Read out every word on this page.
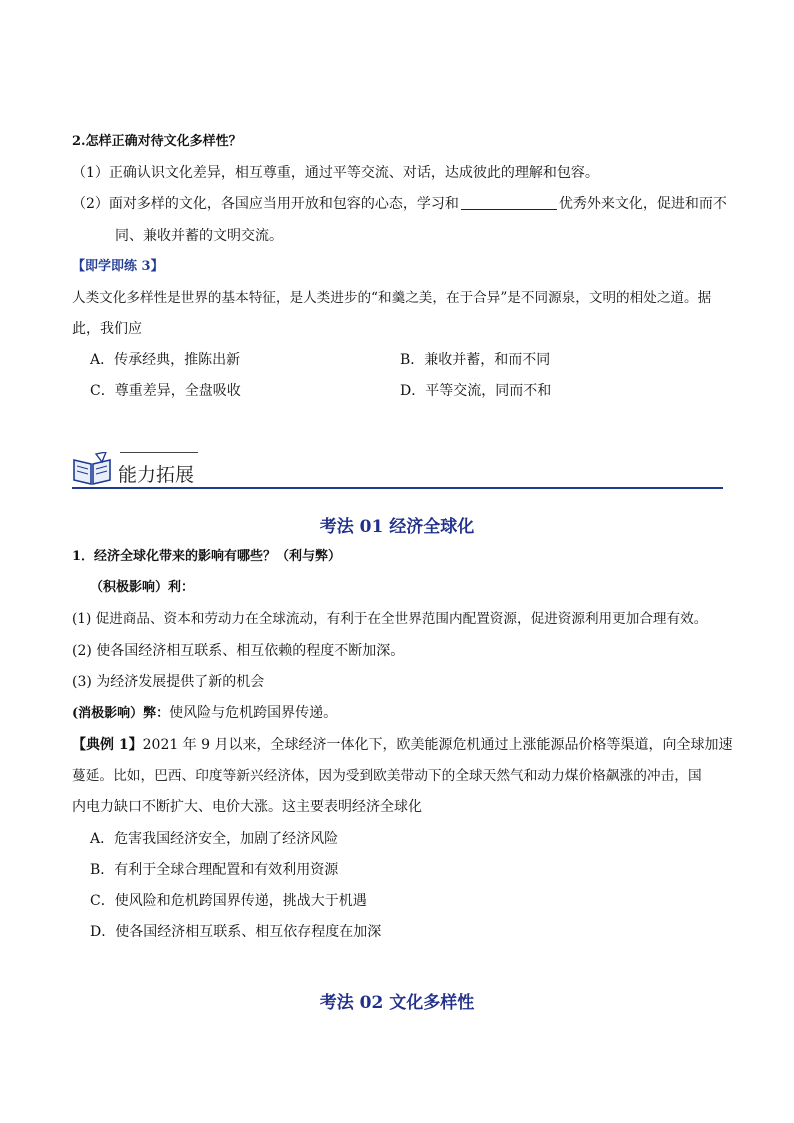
2.怎样正确对待文化多样性？
（1）正确认识文化差异，相互尊重，通过平等交流、对话，达成彼此的理解和包容。
（2）面对多样的文化，各国应当用开放和包容的心态，学习和	优秀外来文化，促进和而不
同、兼收并蓄的文明交流。
【即学即练 3】
人类文化多样性是世界的基本特征，是人类进步的“和羹之美，在于合异”是不同源泉，文明的相处之道。据
此，我们应
A．传承经典，推陈出新	B．兼收并蓄，和而不同
C．尊重差异，全盘吸收	D．平等交流，同而不和
能力拓展
考法 01 经济全球化
1．经济全球化带来的影响有哪些？（利与弊）
（积极影响）利：
(1) 促进商品、资本和劳动力在全球流动，有利于在全世界范围内配置资源，促进资源利用更加合理有效。
(2) 使各国经济相互联系、相互依赖的程度不断加深。
(3) 为经济发展提供了新的机会
(消极影响）弊：使风险与危机跨国界传递。
【典例 1】2021 年 9 月以来，全球经济一体化下，欧美能源危机通过上涨能源品价格等渠道，向全球加速
蔓延。比如，巴西、印度等新兴经济体，因为受到欧美带动下的全球天然气和动力煤价格飙涨的冲击，国
内电力缺口不断扩大、电价大涨。这主要表明经济全球化
A．危害我国经济安全，加剧了经济风险
B．有利于全球合理配置和有效利用资源
C．使风险和危机跨国界传递，挑战大于机遇
D．使各国经济相互联系、相互依存程度在加深
考法 02 文化多样性
